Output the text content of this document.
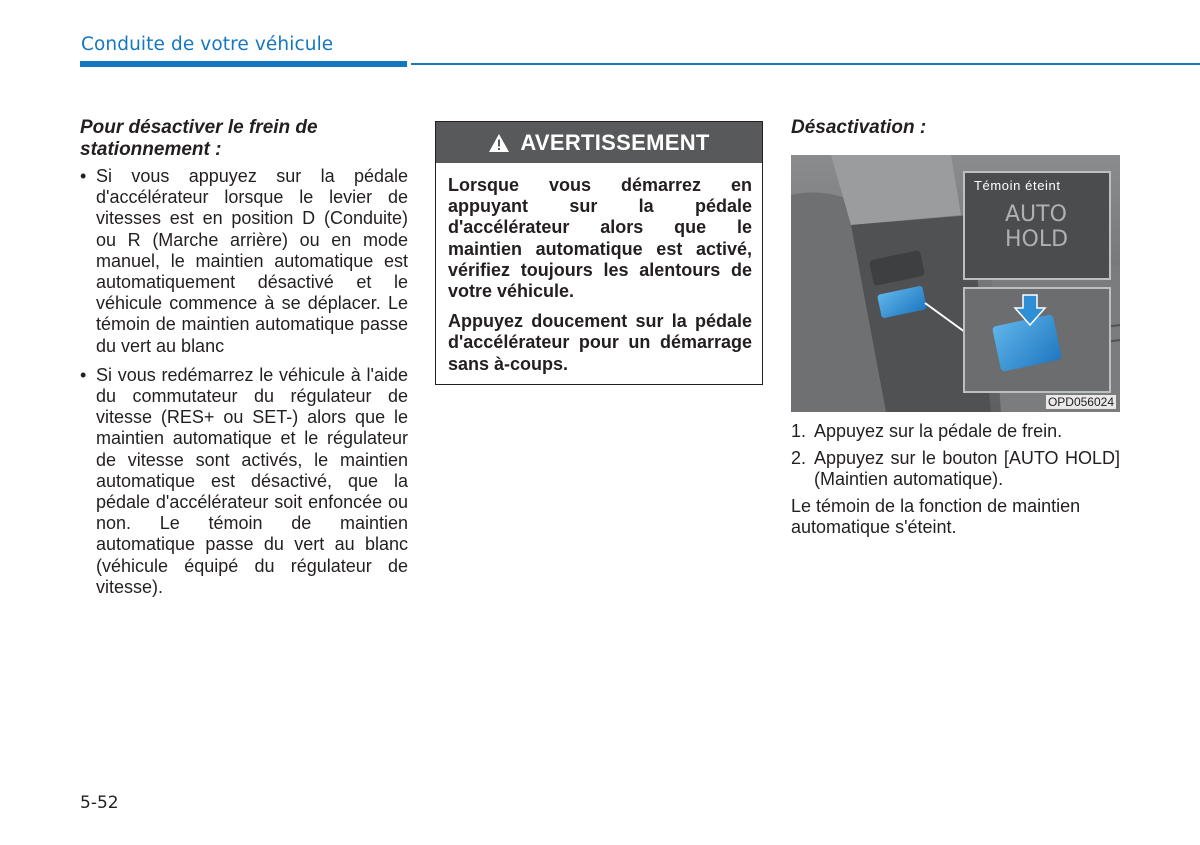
Conduite de votre véhicule
Pour désactiver le frein de stationnement :
• Si vous appuyez sur la pédale d'accélérateur lorsque le levier de vitesses est en position D (Conduite) ou R (Marche arrière) ou en mode manuel, le maintien automatique est automatiquement désactivé et le véhicule commence à se déplacer. Le témoin de maintien automatique passe du vert au blanc
• Si vous redémarrez le véhicule à l'aide du commutateur du régulateur de vitesse (RES+ ou SET-) alors que le maintien automatique et le régulateur de vitesse sont activés, le maintien automatique est désactivé, que la pédale d'accélérateur soit enfoncée ou non. Le témoin de maintien automatique passe du vert au blanc (véhicule équipé du régulateur de vitesse).
AVERTISSEMENT

Lorsque vous démarrez en appuyant sur la pédale d'accélérateur alors que le maintien automatique est activé, vérifiez toujours les alentours de votre véhicule.

Appuyez doucement sur la pédale d'accélérateur pour un démarrage sans à-coups.

Désactivation :
Témoin éteint
AUTO
HOLD
OPD056024
1. Appuyez sur la pédale de frein.
2. Appuyez sur le bouton [AUTO HOLD] (Maintien automatique).

Le témoin de la fonction de maintien automatique s'éteint.

5-52
